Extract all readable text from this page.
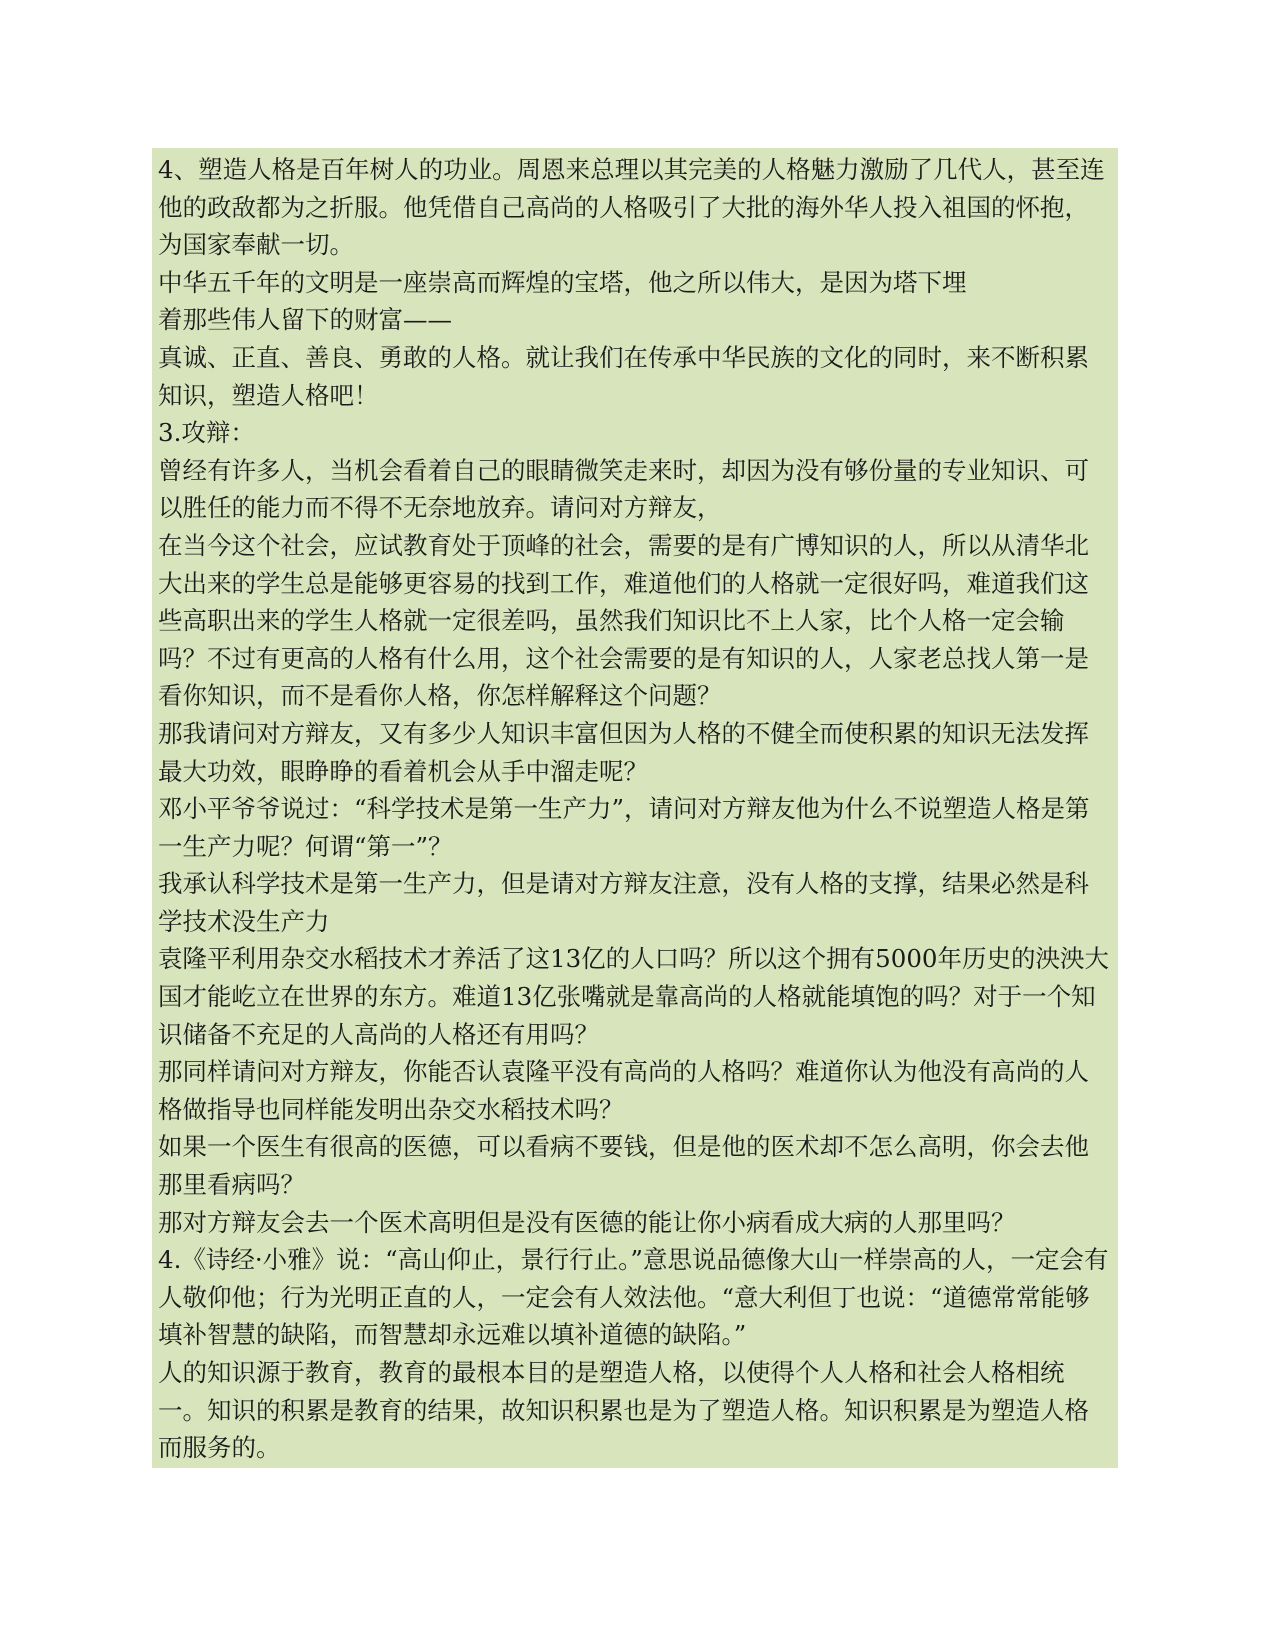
4、塑造人格是百年树人的功业。周恩来总理以其完美的人格魅力激励了几代人，甚至连他的政敌都为之折服。他凭借自己高尚的人格吸引了大批的海外华人投入祖国的怀抱，为国家奉献一切。

中华五千年的文明是一座崇高而辉煌的宝塔，他之所以伟大，是因为塔下埋

着那些伟人留下的财富——

真诚、正直、善良、勇敢的人格。就让我们在传承中华民族的文化的同时，来不断积累知识，塑造人格吧！

3.攻辩：

曾经有许多人，当机会看着自己的眼睛微笑走来时，却因为没有够份量的专业知识、可以胜任的能力而不得不无奈地放弃。请问对方辩友，

在当今这个社会，应试教育处于顶峰的社会，需要的是有广博知识的人，所以从清华北大出来的学生总是能够更容易的找到工作，难道他们的人格就一定很好吗，难道我们这些高职出来的学生人格就一定很差吗，虽然我们知识比不上人家，比个人格一定会输吗？不过有更高的人格有什么用，这个社会需要的是有知识的人，人家老总找人第一是看你知识，而不是看你人格，你怎样解释这个问题？

那我请问对方辩友，又有多少人知识丰富但因为人格的不健全而使积累的知识无法发挥最大功效，眼睁睁的看着机会从手中溜走呢？

邓小平爷爷说过：“科学技术是第一生产力”，请问对方辩友他为什么不说塑造人格是第一生产力呢？何谓“第一”？

我承认科学技术是第一生产力，但是请对方辩友注意，没有人格的支撑，结果必然是科学技术没生产力

袁隆平利用杂交水稻技术才养活了这13亿的人口吗？所以这个拥有5000年历史的泱泱大国才能屹立在世界的东方。难道13亿张嘴就是靠高尚的人格就能填饱的吗？对于一个知识储备不充足的人高尚的人格还有用吗？

那同样请问对方辩友，你能否认袁隆平没有高尚的人格吗？难道你认为他没有高尚的人格做指导也同样能发明出杂交水稻技术吗？

如果一个医生有很高的医德，可以看病不要钱，但是他的医术却不怎么高明，你会去他那里看病吗？

那对方辩友会去一个医术高明但是没有医德的能让你小病看成大病的人那里吗？

4.《诗经·小雅》说：“高山仰止，景行行止。”意思说品德像大山一样崇高的人，一定会有人敬仰他；行为光明正直的人，一定会有人效法他。“意大利但丁也说：“道德常常能够填补智慧的缺陷，而智慧却永远难以填补道德的缺陷。”

人的知识源于教育，教育的最根本目的是塑造人格，以使得个人人格和社会人格相统一。知识的积累是教育的结果，故知识积累也是为了塑造人格。知识积累是为塑造人格而服务的。
